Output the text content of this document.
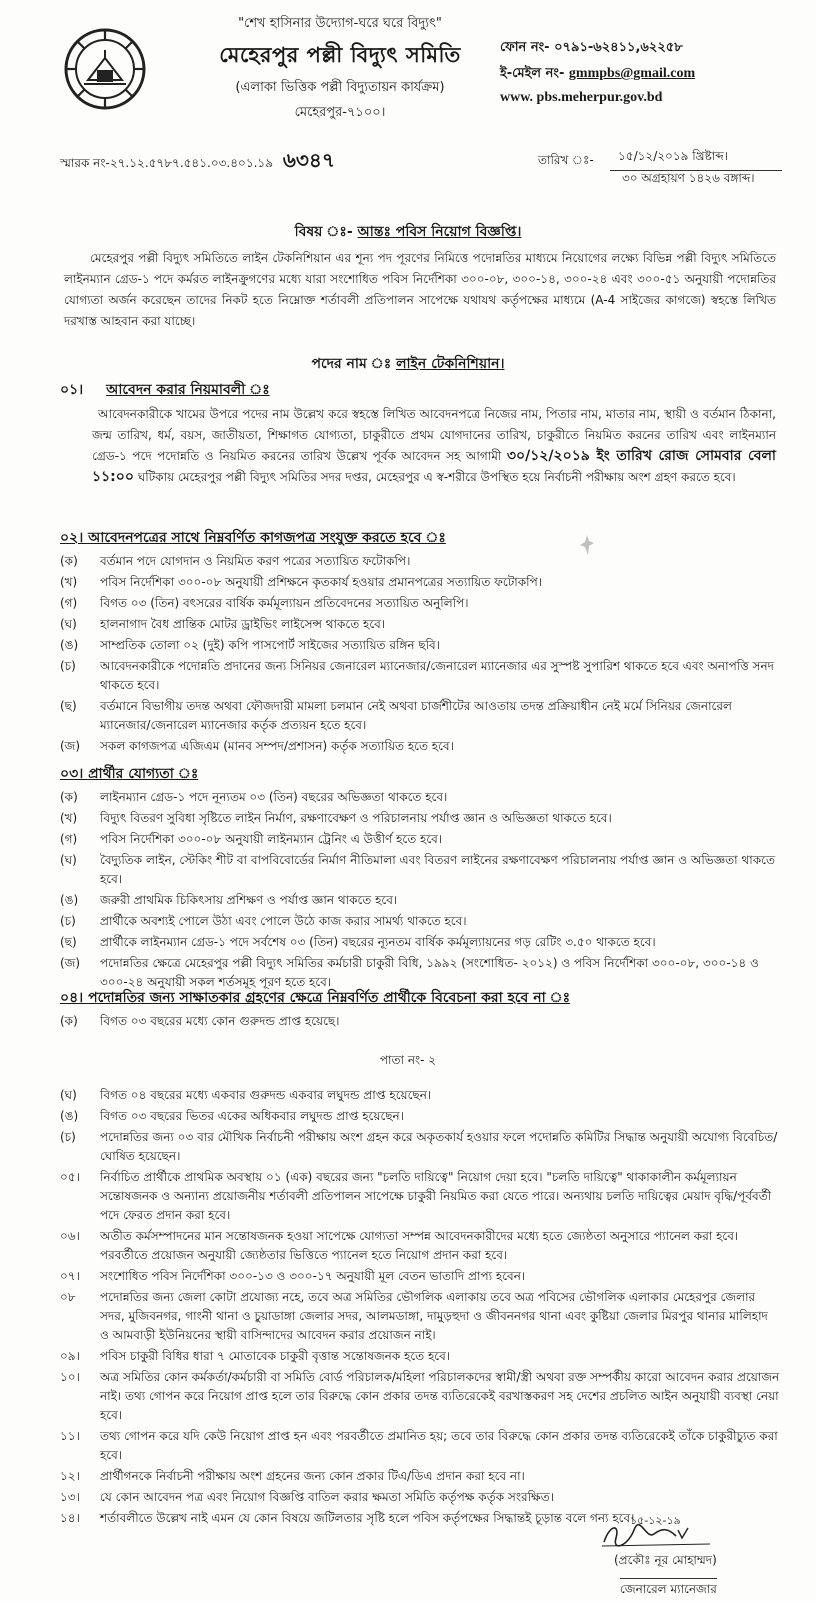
"শেখ হাসিনার উদ্যোগ-ঘরে ঘরে বিদ্যুৎ"
মেহেরপুর পল্লী বিদ্যুৎ সমিতি
(এলাকা ভিত্তিক পল্লী বিদ্যুতায়ন কার্যক্রম)
মেহেরপুর-৭১০০।
ফোন নং- ০৭৯১-৬২৪১১,৬২২৫৮
ই-মেইল নং- gmmpbs@gmail.com
www. pbs.meherpur.gov.bd
স্মারক নং-২৭.১২.৫৭৮৭.৫৪১.০৩.৪০১.১৯ ৬৩৪৭	তারিখ ঃ-	১৫/১২/২০১৯ খ্রিষ্টাব্দ।
৩০ অগ্রহায়ণ ১৪২৬ বঙ্গাব্দ।
বিষয় ঃ- আন্তঃ পবিস নিয়োগ বিজ্ঞপ্তি।
মেহেরপুর পল্লী বিদ্যুৎ সমিতিতে লাইন টেকনিশিয়ান এর শূন্য পদ পূরণের নিমিত্তে পদোন্নতির মাধ্যমে নিয়োগের লক্ষ্যে বিভিন্ন পল্লী বিদ্যুৎ সমিতিতে লাইনম্যান গ্রেড-১ পদে কর্মরত লাইনক্রুগণের মধ্যে যারা সংশোধিত পবিস নির্দেশিকা ৩০০-০৮, ৩০০-১৪, ৩০০-২৪ এবং ৩০০-৫১ অনুযায়ী পদোন্নতির যোগ্যতা অর্জন করেছেন তাদের নিকট হতে নিম্নোক্ত শর্তাবলী প্রতিপালন সাপেক্ষে যথাযথ কর্তৃপক্ষের মাধ্যমে (A-4 সাইজের কাগজে) স্বহস্তে লিখিত দরখাস্ত আহবান করা যাচ্ছে।
পদের নাম ঃ লাইন টেকনিশিয়ান।
০১। আবেদন করার নিয়মাবলী ঃ
আবেদনকারীকে খামের উপরে পদের নাম উল্লেখ করে স্বহস্তে লিখিত আবেদনপত্রে নিজের নাম, পিতার নাম, মাতার নাম, স্থায়ী ও বর্তমান ঠিকানা, জন্ম তারিখ, ধর্ম, বয়স, জাতীয়তা, শিক্ষাগত যোগ্যতা, চাকুরীতে প্রথম যোগদানের তারিখ, চাকুরীতে নিয়মিত করনের তারিখ এবং লাইনম্যান গ্রেড-১ পদে পদোন্নতি ও নিয়মিত করনের তারিখ উল্লেখ পূর্বক আবেদন সহ আগামী ৩০/১২/২০১৯ ইং তারিখ রোজ সোমবার বেলা ১১:০০ ঘটিকায় মেহেরপুর পল্লী বিদ্যুৎ সমিতির সদর দপ্তর, মেহেরপুর এ স্ব-শরীরে উপস্থিত হয়ে নির্বাচনী পরীক্ষায় অংশ গ্রহণ করতে হবে।
০২। আবেদনপত্রের সাথে নিম্নবর্ণিত কাগজপত্র সংযুক্ত করতে হবে ঃ
(ক)	বর্তমান পদে যোগদান ও নিয়মিত করণ পত্রের সত্যায়িত ফটোকপি।
(খ)	পবিস নির্দেশিকা ৩০০-০৮ অনুযায়ী প্রশিক্ষনে কৃতকার্য হওয়ার প্রমানপত্রের সত্যায়িত ফটোকপি।
(গ)	বিগত ০৩ (তিন) বৎসরের বার্ষিক কর্মমূল্যায়ন প্রতিবেদনের সত্যায়িত অনুলিপি।
(ঘ)	হালনাগাদ বৈধ প্রান্তিক মোটর ড্রাইভিং লাইসেন্স থাকতে হবে।
(ঙ)	সাম্প্রতিক তোলা ০২ (দুই) কপি পাসপোর্ট সাইজের সত্যায়িত রঙ্গিন ছবি।
(চ)	আবেদনকারীকে পদোন্নতি প্রদানের জন্য সিনিয়র জেনারেল ম্যানেজার/জেনারেল ম্যানেজার এর সুস্পষ্ট সুপারিশ থাকতে হবে এবং অনাপত্তি সনদ থাকতে হবে।
(ছ)	বর্তমানে বিভাগীয় তদন্ত অথবা ফৌজদারী মামলা চলমান নেই অথবা চার্জশীটের আওতায় তদন্ত প্রক্রিয়াধীন নেই মর্মে সিনিয়র জেনারেল ম্যানেজার/জেনারেল ম্যানেজার কর্তৃক প্রত্যয়ন হতে হবে।
(জ)	সকল কাগজপত্র এজিএম (মানব সম্পদ/প্রশাসন) কর্তৃক সত্যায়িত হতে হবে।
০৩। প্রার্থীর যোগ্যতা ঃ
(ক)	লাইনম্যান গ্রেড-১ পদে নূন্যতম ০৩ (তিন) বছরের অভিজ্ঞতা থাকতে হবে।
(খ)	বিদ্যুৎ বিতরণ সুবিধা সৃষ্টিতে লাইন নির্মাণ, রক্ষণাবেক্ষণ ও পরিচালনায় পর্যাপ্ত জ্ঞান ও অভিজ্ঞতা থাকতে হবে।
(গ)	পবিস নির্দেশিকা ৩০০-০৮ অনুযায়ী লাইনম্যান ট্রেনিং এ উত্তীর্ণ হতে হবে।
(ঘ)	বৈদ্যুতিক লাইন, স্টেকিং শীট বা বাপবিবোর্ডের নির্মাণ নীতিমালা এবং বিতরণ লাইনের রক্ষণাবেক্ষণ পরিচালনায় পর্যাপ্ত জ্ঞান ও অভিজ্ঞতা থাকতে হবে।
(ঙ)	জরুরী প্রাথমিক চিকিৎসায় প্রশিক্ষণ ও পর্যাপ্ত জ্ঞান থাকতে হবে।
(চ)	প্রার্থীকে অবশ্যই পোলে উঠা এবং পোলে উঠে কাজ করার সামর্থ্য থাকতে হবে।
(ছ)	প্রার্থীকে লাইনম্যান গ্রেড-১ পদে সর্বশেষ ০৩ (তিন) বছরের ন্যূনতম বার্ষিক কর্মমূল্যায়নের গড় রেটিং ৩.৫০ থাকতে হবে।
(জ)	পদোন্নতির ক্ষেত্রে মেহেরপুর পল্লী বিদ্যুৎ সমিতির কর্মচারী চাকুরী বিধি, ১৯৯২ (সংশোধিত- ২০১২) ও পবিস নির্দেশিকা ৩০০-০৮, ৩০০-১৪ ও ৩০০-২৪ অনুযায়ী সকল শর্তসমূহ পূরণ হতে হবে।
০৪। পদোন্নতির জন্য সাক্ষাতকার গ্রহণের ক্ষেত্রে নিম্নবর্ণিত প্রার্থীকে বিবেচনা করা হবে না ঃ
(ক)	বিগত ০৩ বছরের মধ্যে কোন গুরুদন্ড প্রাপ্ত হয়েছে।
পাতা নং- ২
(ঘ)	বিগত ০৪ বছরের মধ্যে একবার গুরুদন্ড একবার লঘুদন্ড প্রাপ্ত হয়েছেন।
(ঙ)	বিগত ০৩ বছরের ভিতর একের অধিকবার লঘুদন্ড প্রাপ্ত হয়েছেন।
(চ)	পদোন্নতির জন্য ০৩ বার মৌখিক নির্বাচনী পরীক্ষায় অংশ গ্রহন করে অকৃতকার্য হওয়ার ফলে পদোন্নতি কমিটির সিদ্ধান্ত অনুযায়ী অযোগ্য বিবেচিত/ঘোষিত হয়েছেন।
০৫।	নির্বাচিত প্রার্থীকে প্রাথমিক অবস্থায় ০১ (এক) বছরের জন্য "চলতি দায়িত্বে" নিয়োগ দেয়া হবে। "চলতি দায়িত্বে" থাকাকালীন কর্মমূল্যায়ন সন্তোষজনক ও অন্যান্য প্রয়োজনীয় শর্তাবলী প্রতিপালন সাপেক্ষে চাকুরী নিয়মিত করা যেতে পারে। অন্যথায় চলতি দায়িত্বের মেয়াদ বৃদ্ধি/পূর্ববর্তী পদে ফেরত প্রদান করা হবে।
০৬।	অতীত কর্মসম্পাদনের মান সন্তোষজনক হওয়া সাপেক্ষে যোগ্যতা সম্পন্ন আবেদনকারীদের মধ্যে হতে জ্যেষ্ঠতা অনুসারে প্যানেল করা হবে। পরবর্তীতে প্রয়োজন অনুযায়ী জ্যেষ্ঠতার ভিত্তিতে প্যানেল হতে নিয়োগ প্রদান করা হবে।
০৭।	সংশোধিত পবিস নির্দেশিকা ৩০০-১৩ ও ৩০০-১৭ অনুযায়ী মূল বেতন ভাতাদি প্রাপ্য হবেন।
০৮	পদোন্নতির জন্য জেলা কোটা প্রযোজ্য নহে, তবে অত্র সমিতির ভৌগলিক এলাকায় তবে অত্র পবিসের ভৌগলিক এলাকার মেহেরপুর জেলার সদর, মুজিবনগর, গাংনী থানা ও চুয়াডাঙ্গা জেলার সদর, আলমডাঙ্গা, দামুড়হুদা ও জীবননগর থানা এবং কুষ্টিয়া জেলার মিরপুর থানার মালিহাদ ও আমবাড়ী ইউনিয়নের স্থায়ী বাসিন্দাদের আবেদন করার প্রয়োজন নাই।
০৯।	পবিস চাকুরী বিধির ধারা ৭ মোতাবেক চাকুরী বৃত্তান্ত সন্তোষজনক হতে হবে।
১০।	অত্র সমিতির কোন কর্মকর্তা/কর্মচারী বা সমিতি বোর্ড পরিচালক/মহিলা পরিচালকদের স্বামী/স্ত্রী অথবা রক্ত সম্পর্কীয় কারো আবেদন করার প্রয়োজন নাই। তথ্য গোপন করে নিয়োগ প্রাপ্ত হলে তার বিরুদ্ধে কোন প্রকার তদন্ত ব্যতিরেকেই বরখাস্তকরণ সহ দেশের প্রচলিত আইন অনুযায়ী ব্যবস্থা নেয়া হবে।
১১।	তথ্য গোপন করে যদি কেউ নিয়োগ প্রাপ্ত হন এবং পরবর্তীতে প্রমানিত হয়; তবে তার বিরুদ্ধে কোন প্রকার তদন্ত ব্যতিরেকেই তাঁকে চাকুরীচ্যুত করা হবে।
১২।	প্রার্থীগনকে নির্বাচনী পরীক্ষায় অংশ গ্রহনের জন্য কোন প্রকার টিএ/ডিএ প্রদান করা হবে না।
১৩।	যে কোন আবেদন পত্র এবং নিয়োগ বিজ্ঞপ্তি বাতিল করার ক্ষমতা সমিতি কর্তৃপক্ষ কর্তৃক সংরক্ষিত।
১৪।	শর্তাবলীতে উল্লেখ নাই এমন যে কোন বিষয়ে জটিলতার সৃষ্টি হলে পবিস কর্তৃপক্ষের সিদ্ধান্তই চূড়ান্ত বলে গন্য হবে।
১৫-১২-১৯
(প্রকৌঃ নূর মোহাম্মদ)
জেনারেল ম্যানেজার
